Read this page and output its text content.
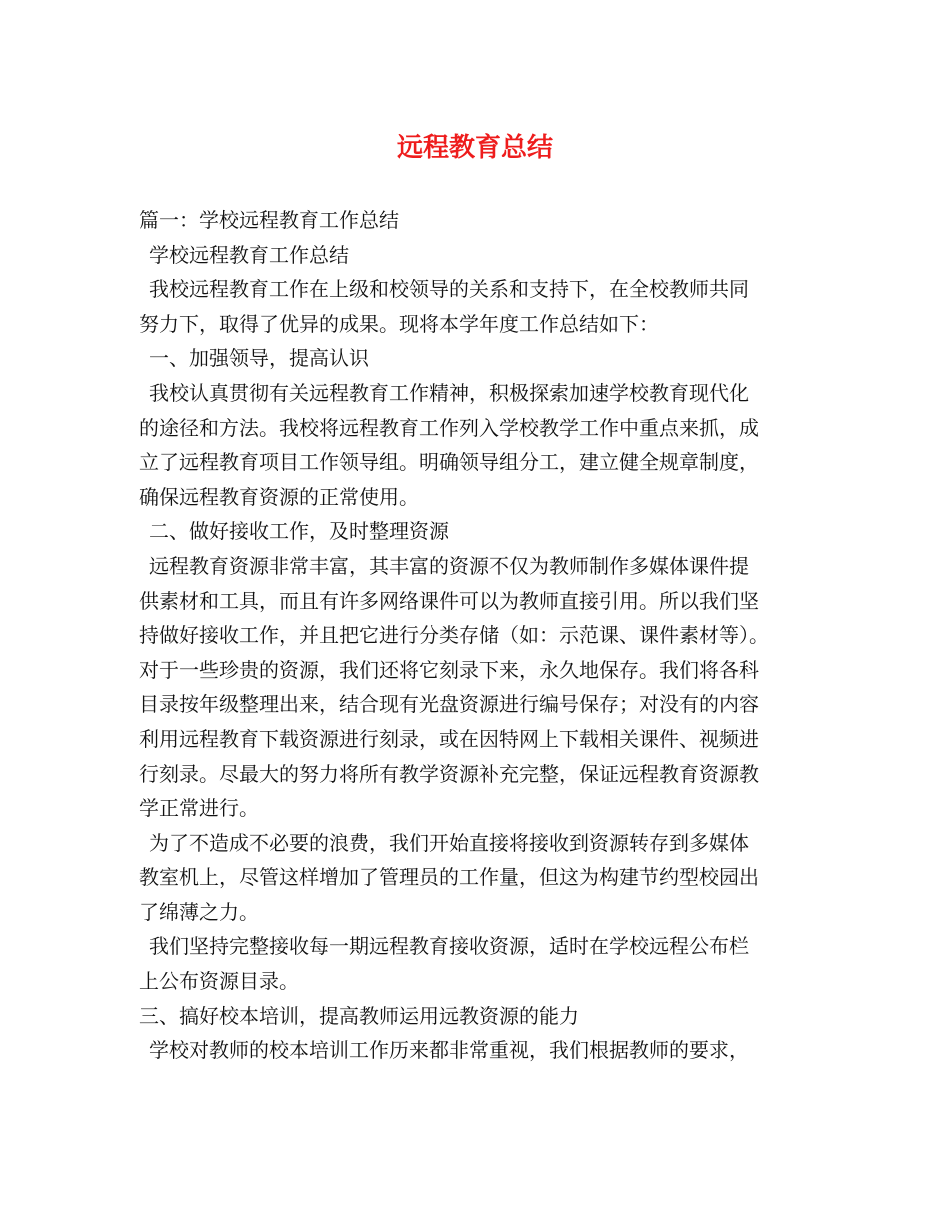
远程教育总结
篇一：学校远程教育工作总结
学校远程教育工作总结
我校远程教育工作在上级和校领导的关系和支持下，在全校教师共同
努力下，取得了优异的成果。现将本学年度工作总结如下：
一、加强领导，提高认识
我校认真贯彻有关远程教育工作精神，积极探索加速学校教育现代化
的途径和方法。我校将远程教育工作列入学校教学工作中重点来抓，成
立了远程教育项目工作领导组。明确领导组分工，建立健全规章制度，
确保远程教育资源的正常使用。
二、做好接收工作，及时整理资源
远程教育资源非常丰富，其丰富的资源不仅为教师制作多媒体课件提
供素材和工具，而且有许多网络课件可以为教师直接引用。所以我们坚
持做好接收工作，并且把它进行分类存储（如：示范课、课件素材等）。
对于一些珍贵的资源，我们还将它刻录下来，永久地保存。我们将各科
目录按年级整理出来，结合现有光盘资源进行编号保存；对没有的内容
利用远程教育下载资源进行刻录，或在因特网上下载相关课件、视频进
行刻录。尽最大的努力将所有教学资源补充完整，保证远程教育资源教
学正常进行。
为了不造成不必要的浪费，我们开始直接将接收到资源转存到多媒体
教室机上，尽管这样增加了管理员的工作量，但这为构建节约型校园出
了绵薄之力。
我们坚持完整接收每一期远程教育接收资源，适时在学校远程公布栏
上公布资源目录。
三、搞好校本培训，提高教师运用远教资源的能力
学校对教师的校本培训工作历来都非常重视，我们根据教师的要求，
